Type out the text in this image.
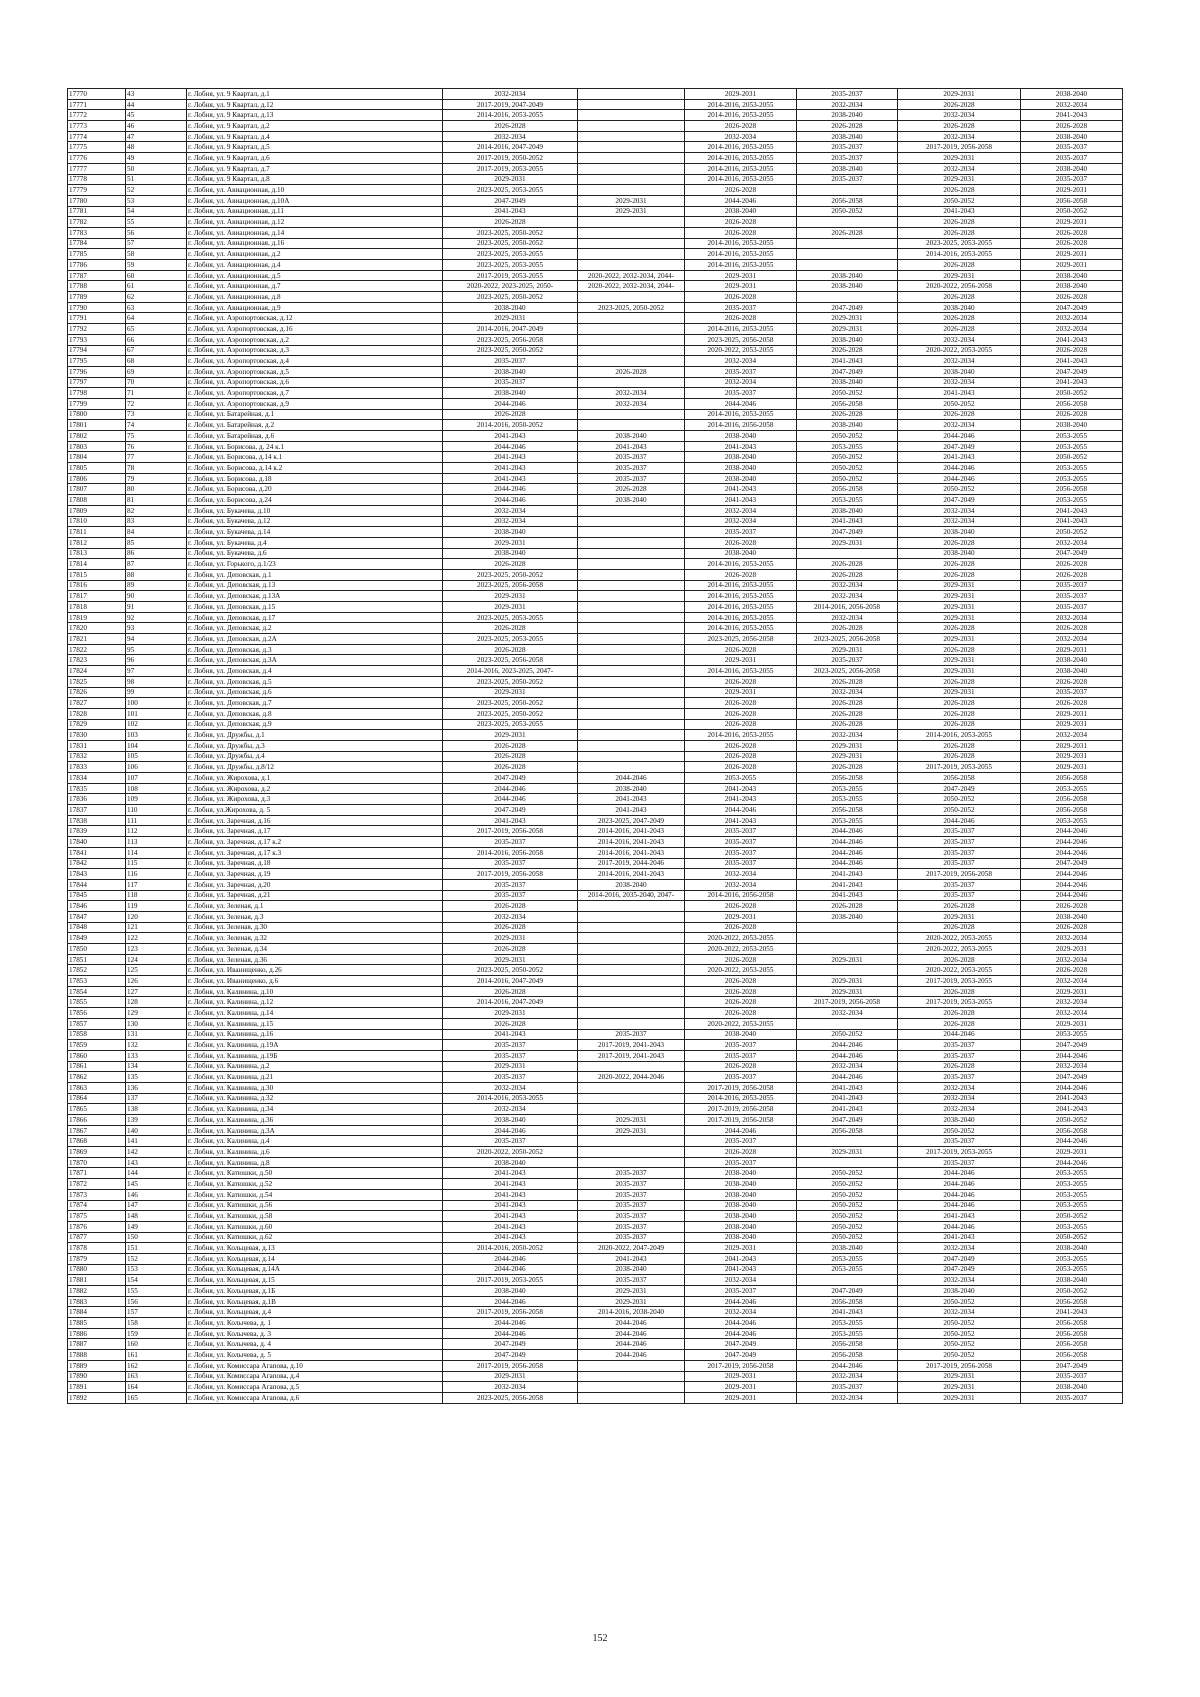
17770	43	г. Лобня, ул. 9 Квартал, д.1	2032-2034		2029-2031	2035-2037	2029-2031	2038-2040
17771	44	г. Лобня, ул. 9 Квартал, д.12	2017-2019, 2047-2049		2014-2016, 2053-2055	2032-2034	2026-2028	2032-2034
17772	45	г. Лобня, ул. 9 Квартал, д.13	2014-2016, 2053-2055		2014-2016, 2053-2055	2038-2040	2032-2034	2041-2043
17773	46	г. Лобня, ул. 9 Квартал, д.2	2026-2028		2026-2028	2026-2028	2026-2028	2026-2028
17774	47	г. Лобня, ул. 9 Квартал, д.4	2032-2034		2032-2034	2038-2040	2032-2034	2038-2040
17775	48	г. Лобня, ул. 9 Квартал, д.5	2014-2016, 2047-2049		2014-2016, 2053-2055	2035-2037	2017-2019, 2056-2058	2035-2037
17776	49	г. Лобня, ул. 9 Квартал, д.6	2017-2019, 2050-2052		2014-2016, 2053-2055	2035-2037	2029-2031	2035-2037
17777	50	г. Лобня, ул. 9 Квартал, д.7	2017-2019, 2053-2055		2014-2016, 2053-2055	2038-2040	2032-2034	2038-2040
17778	51	г. Лобня, ул. 9 Квартал, д.8	2029-2031		2014-2016, 2053-2055	2035-2037	2029-2031	2035-2037
17779	52	г. Лобня, ул. Авиационная, д.10	2023-2025, 2053-2055		2026-2028		2026-2028	2029-2031
17780	53	г. Лобня, ул. Авиационная, д.10А	2047-2049	2029-2031	2044-2046	2056-2058	2050-2052	2056-2058
17781	54	г. Лобня, ул. Авиационная, д.11	2041-2043	2029-2031	2038-2040	2050-2052	2041-2043	2050-2052
17782	55	г. Лобня, ул. Авиационная, д.12	2026-2028		2026-2028		2026-2028	2029-2031
17783	56	г. Лобня, ул. Авиационная, д.14	2023-2025, 2050-2052		2026-2028	2026-2028	2026-2028	2026-2028
17784	57	г. Лобня, ул. Авиационная, д.16	2023-2025, 2050-2052		2014-2016, 2053-2055		2023-2025, 2053-2055	2026-2028
17785	58	г. Лобня, ул. Авиационная, д.2	2023-2025, 2053-2055		2014-2016, 2053-2055		2014-2016, 2053-2055	2029-2031
17786	59	г. Лобня, ул. Авиационная, д.4	2023-2025, 2053-2055		2014-2016, 2053-2055		2026-2028	2029-2031
17787	60	г. Лобня, ул. Авиационная, д.5	2017-2019, 2053-2055	2020-2022, 2032-2034, 2044-	2029-2031	2038-2040	2029-2031	2038-2040
17788	61	г. Лобня, ул. Авиационная, д.7	2020-2022, 2023-2025, 2050-	2020-2022, 2032-2034, 2044-	2029-2031	2038-2040	2020-2022, 2056-2058	2038-2040
17789	62	г. Лобня, ул. Авиационная, д.8	2023-2025, 2050-2052		2026-2028		2026-2028	2026-2028
17790	63	г. Лобня, ул. Авиационная, д.9	2038-2040	2023-2025, 2050-2052	2035-2037	2047-2049	2038-2040	2047-2049
17791	64	г. Лобня, ул. Аэропортовская, д.12	2029-2031		2026-2028	2029-2031	2026-2028	2032-2034
17792	65	г. Лобня, ул. Аэропортовская, д.16	2014-2016, 2047-2049		2014-2016, 2053-2055	2029-2031	2026-2028	2032-2034
17793	66	г. Лобня, ул. Аэропортовская, д.2	2023-2025, 2056-2058		2023-2025, 2056-2058	2038-2040	2032-2034	2041-2043
17794	67	г. Лобня, ул. Аэропортовская, д.3	2023-2025, 2050-2052		2020-2022, 2053-2055	2026-2028	2020-2022, 2053-2055	2026-2028
17795	68	г. Лобня, ул. Аэропортовская, д.4	2035-2037		2032-2034	2041-2043	2032-2034	2041-2043
17796	69	г. Лобня, ул. Аэропортовская, д.5	2038-2040	2026-2028	2035-2037	2047-2049	2038-2040	2047-2049
17797	70	г. Лобня, ул. Аэропортовская, д.6	2035-2037		2032-2034	2038-2040	2032-2034	2041-2043
17798	71	г. Лобня, ул. Аэропортовская, д.7	2038-2040	2032-2034	2035-2037	2050-2052	2041-2043	2050-2052
17799	72	г. Лобня, ул. Аэропортовская, д.9	2044-2046	2032-2034	2044-2046	2056-2058	2050-2052	2056-2058
17800	73	г. Лобня, ул. Батарейная, д.1	2026-2028		2014-2016, 2053-2055	2026-2028	2026-2028	2026-2028
17801	74	г. Лобня, ул. Батарейная, д.2	2014-2016, 2050-2052		2014-2016, 2056-2058	2038-2040	2032-2034	2038-2040
17802	75	г. Лобня, ул. Батарейная, д.6	2041-2043	2038-2040	2038-2040	2050-2052	2044-2046	2053-2055
17803	76	г. Лобня, ул. Борисова, д. 24 к.1	2044-2046	2041-2043	2041-2043	2053-2055	2047-2049	2053-2055
17804	77	г. Лобня, ул. Борисова, д.14 к.1	2041-2043	2035-2037	2038-2040	2050-2052	2041-2043	2050-2052
17805	78	г. Лобня, ул. Борисова, д.14 к.2	2041-2043	2035-2037	2038-2040	2050-2052	2044-2046	2053-2055
17806	79	г. Лобня, ул. Борисова, д.18	2041-2043	2035-2037	2038-2040	2050-2052	2044-2046	2053-2055
17807	80	г. Лобня, ул. Борисова, д.20	2044-2046	2026-2028	2041-2043	2056-2058	2050-2052	2056-2058
17808	81	г. Лобня, ул. Борисова, д.24	2044-2046	2038-2040	2041-2043	2053-2055	2047-2049	2053-2055
17809	82	г. Лобня, ул. Букачева, д.10	2032-2034		2032-2034	2038-2040	2032-2034	2041-2043
17810	83	г. Лобня, ул. Букачева, д.12	2032-2034		2032-2034	2041-2043	2032-2034	2041-2043
17811	84	г. Лобня, ул. Букачева, д.14	2038-2040		2035-2037	2047-2049	2038-2040	2050-2052
17812	85	г. Лобня, ул. Букачева, д.4	2029-2031		2026-2028	2029-2031	2026-2028	2032-2034
17813	86	г. Лобня, ул. Букачева, д.6	2038-2040		2038-2040		2038-2040	2047-2049
17814	87	г. Лобня, ул. Горького, д.1/23	2026-2028		2014-2016, 2053-2055	2026-2028	2026-2028	2026-2028
17815	88	г. Лобня, ул. Деповская, д.1	2023-2025, 2050-2052		2026-2028	2026-2028	2026-2028	2026-2028
17816	89	г. Лобня, ул. Деповская, д.13	2023-2025, 2056-2058		2014-2016, 2053-2055	2032-2034	2029-2031	2035-2037
17817	90	г. Лобня, ул. Деповская, д.13А	2029-2031		2014-2016, 2053-2055	2032-2034	2029-2031	2035-2037
17818	91	г. Лобня, ул. Деповская, д.15	2029-2031		2014-2016, 2053-2055	2014-2016, 2056-2058	2029-2031	2035-2037
17819	92	г. Лобня, ул. Деповская, д.17	2023-2025, 2053-2055		2014-2016, 2053-2055	2032-2034	2029-2031	2032-2034
17820	93	г. Лобня, ул. Деповская, д.2	2026-2028		2014-2016, 2053-2055	2026-2028	2026-2028	2026-2028
17821	94	г. Лобня, ул. Деповская, д.2А	2023-2025, 2053-2055		2023-2025, 2056-2058	2023-2025, 2056-2058	2029-2031	2032-2034
17822	95	г. Лобня, ул. Деповская, д.3	2026-2028		2026-2028	2029-2031	2026-2028	2029-2031
17823	96	г. Лобня, ул. Деповская, д.3А	2023-2025, 2056-2058		2029-2031	2035-2037	2029-2031	2038-2040
17824	97	г. Лобня, ул. Деповская, д.4	2014-2016, 2023-2025, 2047-		2014-2016, 2053-2055	2023-2025, 2056-2058	2029-2031	2038-2040
17825	98	г. Лобня, ул. Деповская, д.5	2023-2025, 2050-2052		2026-2028	2026-2028	2026-2028	2026-2028
17826	99	г. Лобня, ул. Деповская, д.6	2029-2031		2029-2031	2032-2034	2029-2031	2035-2037
17827	100	г. Лобня, ул. Деповская, д.7	2023-2025, 2050-2052		2026-2028	2026-2028	2026-2028	2026-2028
17828	101	г. Лобня, ул. Деповская, д.8	2023-2025, 2050-2052		2026-2028	2026-2028	2026-2028	2029-2031
17829	102	г. Лобня, ул. Деповская, д.9	2023-2025, 2053-2055		2026-2028	2026-2028	2026-2028	2029-2031
17830	103	г. Лобня, ул. Дружбы, д.1	2029-2031		2014-2016, 2053-2055	2032-2034	2014-2016, 2053-2055	2032-2034
17831	104	г. Лобня, ул. Дружбы, д.3	2026-2028		2026-2028	2029-2031	2026-2028	2029-2031
17832	105	г. Лобня, ул. Дружбы, д.4	2026-2028		2026-2028	2029-2031	2026-2028	2029-2031
17833	106	г. Лобня, ул. Дружбы, д.8/12	2026-2028		2026-2028	2026-2028	2017-2019, 2053-2055	2029-2031
17834	107	г. Лобня, ул. Жирохова, д.1	2047-2049	2044-2046	2053-2055	2056-2058	2056-2058	2056-2058
17835	108	г. Лобня, ул. Жирохова, д.2	2044-2046	2038-2040	2041-2043	2053-2055	2047-2049	2053-2055
17836	109	г. Лобня, ул. Жирохова, д.3	2044-2046	2041-2043	2041-2043	2053-2055	2050-2052	2056-2058
17837	110	г. Лобня, ул.Жирохова, д. 5	2047-2049	2041-2043	2044-2046	2056-2058	2050-2052	2056-2058
17838	111	г. Лобня, ул. Заречная, д.16	2041-2043	2023-2025, 2047-2049	2041-2043	2053-2055	2044-2046	2053-2055
17839	112	г. Лобня, ул. Заречная, д.17	2017-2019, 2056-2058	2014-2016, 2041-2043	2035-2037	2044-2046	2035-2037	2044-2046
17840	113	г. Лобня, ул. Заречная, д.17 к.2	2035-2037	2014-2016, 2041-2043	2035-2037	2044-2046	2035-2037	2044-2046
17841	114	г. Лобня, ул. Заречная, д.17 к.3	2014-2016, 2056-2058	2014-2016, 2041-2043	2035-2037	2044-2046	2035-2037	2044-2046
17842	115	г. Лобня, ул. Заречная, д.18	2035-2037	2017-2019, 2044-2046	2035-2037	2044-2046	2035-2037	2047-2049
17843	116	г. Лобня, ул. Заречная, д.19	2017-2019, 2056-2058	2014-2016, 2041-2043	2032-2034	2041-2043	2017-2019, 2056-2058	2044-2046
17844	117	г. Лобня, ул. Заречная, д.20	2035-2037	2038-2040	2032-2034	2041-2043	2035-2037	2044-2046
17845	118	г. Лобня, ул. Заречная, д.21	2035-2037	2014-2016, 2035-2040, 2047-	2014-2016, 2056-2058	2041-2043	2035-2037	2044-2046
17846	119	г. Лобня, ул. Зеленая, д.1	2026-2028		2026-2028	2026-2028	2026-2028	2026-2028
17847	120	г. Лобня, ул. Зеленая, д.3	2032-2034		2029-2031	2038-2040	2029-2031	2038-2040
17848	121	г. Лобня, ул. Зеленая, д.30	2026-2028		2026-2028		2026-2028	2026-2028
17849	122	г. Лобня, ул. Зеленая, д.32	2029-2031		2020-2022, 2053-2055		2020-2022, 2053-2055	2032-2034
17850	123	г. Лобня, ул. Зеленая, д.34	2026-2028		2020-2022, 2053-2055		2020-2022, 2053-2055	2029-2031
17851	124	г. Лобня, ул. Зеленая, д.36	2029-2031		2026-2028	2029-2031	2026-2028	2032-2034
17852	125	г. Лобня, ул. Иванищенко, д.26	2023-2025, 2050-2052		2020-2022, 2053-2055		2020-2022, 2053-2055	2026-2028
17853	126	г. Лобня, ул. Иванищенко, д.6	2014-2016, 2047-2049		2026-2028	2029-2031	2017-2019, 2053-2055	2032-2034
17854	127	г. Лобня, ул. Калинина, д.10	2026-2028		2026-2028	2029-2031	2026-2028	2029-2031
17855	128	г. Лобня, ул. Калинина, д.12	2014-2016, 2047-2049		2026-2028	2017-2019, 2056-2058	2017-2019, 2053-2055	2032-2034
17856	129	г. Лобня, ул. Калинина, д.14	2029-2031		2026-2028	2032-2034	2026-2028	2032-2034
17857	130	г. Лобня, ул. Калинина, д.15	2026-2028		2020-2022, 2053-2055		2026-2028	2029-2031
17858	131	г. Лобня, ул. Калинина, д.16	2041-2043	2035-2037	2038-2040	2050-2052	2044-2046	2053-2055
17859	132	г. Лобня, ул. Калинина, д.19А	2035-2037	2017-2019, 2041-2043	2035-2037	2044-2046	2035-2037	2047-2049
17860	133	г. Лобня, ул. Калинина, д.19Б	2035-2037	2017-2019, 2041-2043	2035-2037	2044-2046	2035-2037	2044-2046
17861	134	г. Лобня, ул. Калинина, д.2	2029-2031		2026-2028	2032-2034	2026-2028	2032-2034
17862	135	г. Лобня, ул. Калинина, д.21	2035-2037	2020-2022, 2044-2046	2035-2037	2044-2046	2035-2037	2047-2049
17863	136	г. Лобня, ул. Калинина, д.30	2032-2034		2017-2019, 2056-2058	2041-2043	2032-2034	2044-2046
17864	137	г. Лобня, ул. Калинина, д.32	2014-2016, 2053-2055		2014-2016, 2053-2055	2041-2043	2032-2034	2041-2043
17865	138	г. Лобня, ул. Калинина, д.34	2032-2034		2017-2019, 2056-2058	2041-2043	2032-2034	2041-2043
17866	139	г. Лобня, ул. Калинина, д.36	2038-2040	2029-2031	2017-2019, 2056-2058	2047-2049	2038-2040	2050-2052
17867	140	г. Лобня, ул. Калинина, д.3А	2044-2046	2029-2031	2044-2046	2056-2058	2050-2052	2056-2058
17868	141	г. Лобня, ул. Калинина, д.4	2035-2037		2035-2037		2035-2037	2044-2046
17869	142	г. Лобня, ул. Калинина, д.6	2020-2022, 2050-2052		2026-2028	2029-2031	2017-2019, 2053-2055	2029-2031
17870	143	г. Лобня, ул. Калинина, д.8	2038-2040		2035-2037		2035-2037	2044-2046
17871	144	г. Лобня, ул. Катюшки, д.50	2041-2043	2035-2037	2038-2040	2050-2052	2044-2046	2053-2055
17872	145	г. Лобня, ул. Катюшки, д.52	2041-2043	2035-2037	2038-2040	2050-2052	2044-2046	2053-2055
17873	146	г. Лобня, ул. Катюшки, д.54	2041-2043	2035-2037	2038-2040	2050-2052	2044-2046	2053-2055
17874	147	г. Лобня, ул. Катюшки, д.56	2041-2043	2035-2037	2038-2040	2050-2052	2044-2046	2053-2055
17875	148	г. Лобня, ул. Катюшки, д.58	2041-2043	2035-2037	2038-2040	2050-2052	2041-2043	2050-2052
17876	149	г. Лобня, ул. Катюшки, д.60	2041-2043	2035-2037	2038-2040	2050-2052	2044-2046	2053-2055
17877	150	г. Лобня, ул. Катюшки, д.62	2041-2043	2035-2037	2038-2040	2050-2052	2041-2043	2050-2052
17878	151	г. Лобня, ул. Кольцевая, д.13	2014-2016, 2050-2052	2020-2022, 2047-2049	2029-2031	2038-2040	2032-2034	2038-2040
17879	152	г. Лобня, ул. Кольцевая, д.14	2044-2046	2041-2043	2041-2043	2053-2055	2047-2049	2053-2055
17880	153	г. Лобня, ул. Кольцевая, д.14А	2044-2046	2038-2040	2041-2043	2053-2055	2047-2049	2053-2055
17881	154	г. Лобня, ул. Кольцевая, д.15	2017-2019, 2053-2055	2035-2037	2032-2034		2032-2034	2038-2040
17882	155	г. Лобня, ул. Кольцевая, д.1Б	2038-2040	2029-2031	2035-2037	2047-2049	2038-2040	2050-2052
17883	156	г. Лобня, ул. Кольцевая, д.1В	2044-2046	2029-2031	2044-2046	2056-2058	2050-2052	2056-2058
17884	157	г. Лобня, ул. Кольцевая, д.4	2017-2019, 2056-2058	2014-2016, 2038-2040	2032-2034	2041-2043	2032-2034	2041-2043
17885	158	г. Лобня, ул. Колычева, д. 1	2044-2046	2044-2046	2044-2046	2053-2055	2050-2052	2056-2058
17886	159	г. Лобня, ул. Колычева, д. 3	2044-2046	2044-2046	2044-2046	2053-2055	2050-2052	2056-2058
17887	160	г. Лобня, ул. Колычева, д. 4	2047-2049	2044-2046	2047-2049	2056-2058	2050-2052	2056-2058
17888	161	г. Лобня, ул. Колычева, д. 5	2047-2049	2044-2046	2047-2049	2056-2058	2050-2052	2056-2058
17889	162	г. Лобня, ул. Комиссара Агапова, д.10	2017-2019, 2056-2058		2017-2019, 2056-2058	2044-2046	2017-2019, 2056-2058	2047-2049
17890	163	г. Лобня, ул. Комиссара Агапова, д.4	2029-2031		2029-2031	2032-2034	2029-2031	2035-2037
17891	164	г. Лобня, ул. Комиссара Агапова, д.5	2032-2034		2029-2031	2035-2037	2029-2031	2038-2040
17892	165	г. Лобня, ул. Комиссара Агапова, д.6	2023-2025, 2056-2058		2029-2031	2032-2034	2029-2031	2035-2037
152
